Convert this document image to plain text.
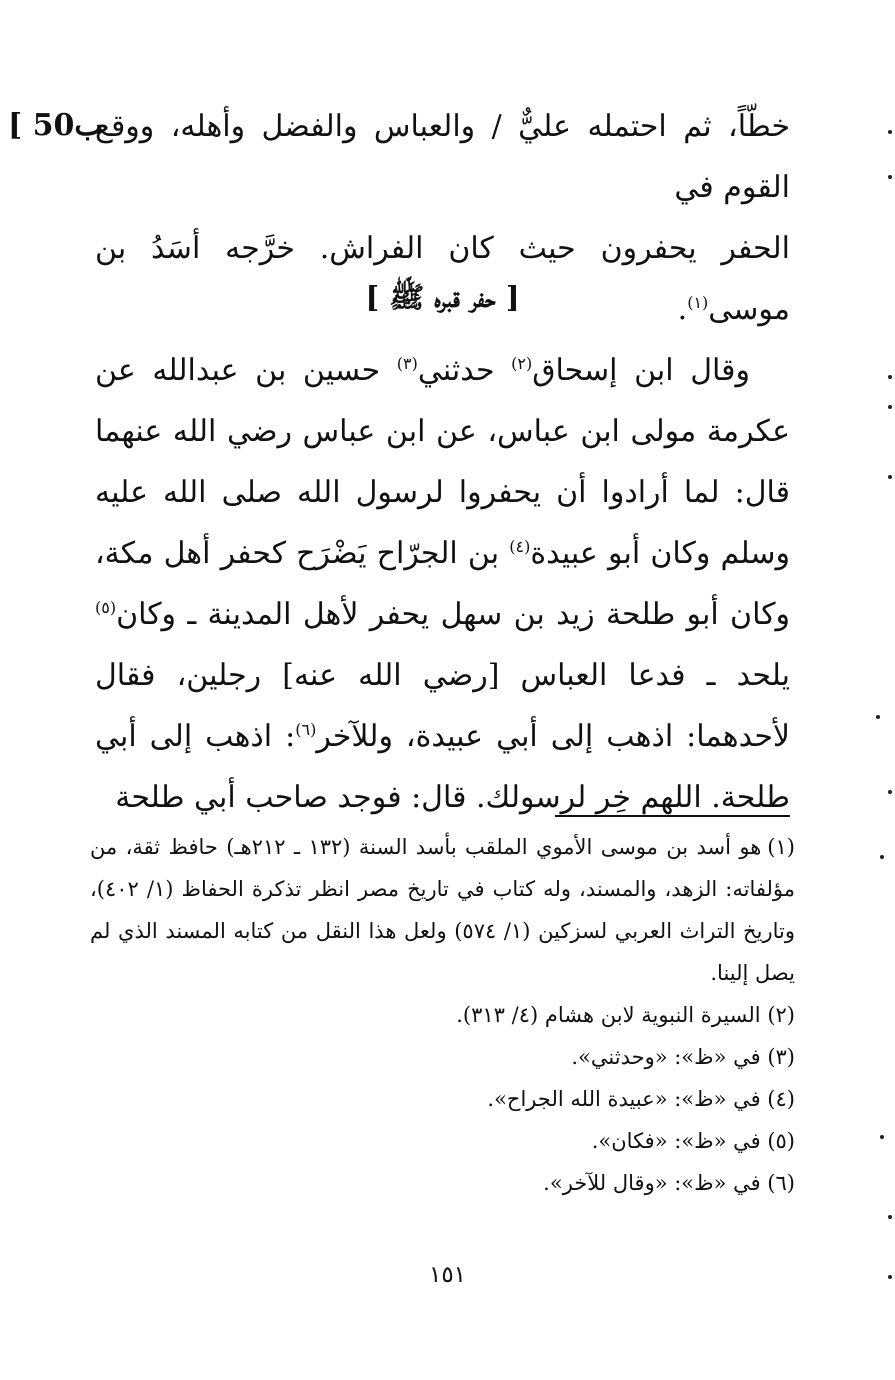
[ 50ب
خطّاً، ثم احتمله عليٌّ / والعباس والفضل وأهله، ووقع القوم في
الحفر يحفرون حيث كان الفراش. خرَّجه أسَدُ بن موسى$^{(١)}$.
[ حفر قبره ﷺ ]
وقال ابن إسحاق$^{(٢)}$ حدثني$^{(٣)}$ حسين بن عبدالله عن عكرمة مولى ابن عباس، عن ابن عباس رضي الله عنهما قال: لما أرادوا أن يحفروا لرسول الله صلى الله عليه وسلم وكان أبو عبيدة$^{(٤)}$ بن الجرّاح يَضْرَح كحفر أهل مكة، وكان أبو طلحة زيد بن سهل يحفر لأهل المدينة ـ وكان$^{(٥)}$ يلحد ـ فدعا العباس [رضي الله عنه] رجلين، فقال لأحدهما: اذهب إلى أبي عبيدة، وللآخر$^{(٦)}$: اذهب إلى أبي طلحة. اللهم خِر لرسولك. قال: فوجد صاحب أبي طلحة

(١)هو أسد بن موسى الأموي الملقب بأسد السنة (١٣٢ ـ ٢١٢هـ) حافظ ثقة، من مؤلفاته: الزهد، والمسند، وله كتاب في تاريخ مصر انظر تذكرة الحفاظ (١/ ٤٠٢)، وتاريخ التراث العربي لسزكين (١/ ٥٧٤) ولعل هذا النقل من كتابه المسند الذي لم يصل إلينا.

(٢) السيرة النبوية لابن هشام (٤/ ٣١٣).

(٣) في «ظ»: «وحدثني».

(٤) في «ظ»: «عبيدة الله الجراح».

(٥) في «ظ»: «فكان».

(٦) في «ظ»: «وقال للآخر».

١٥١
